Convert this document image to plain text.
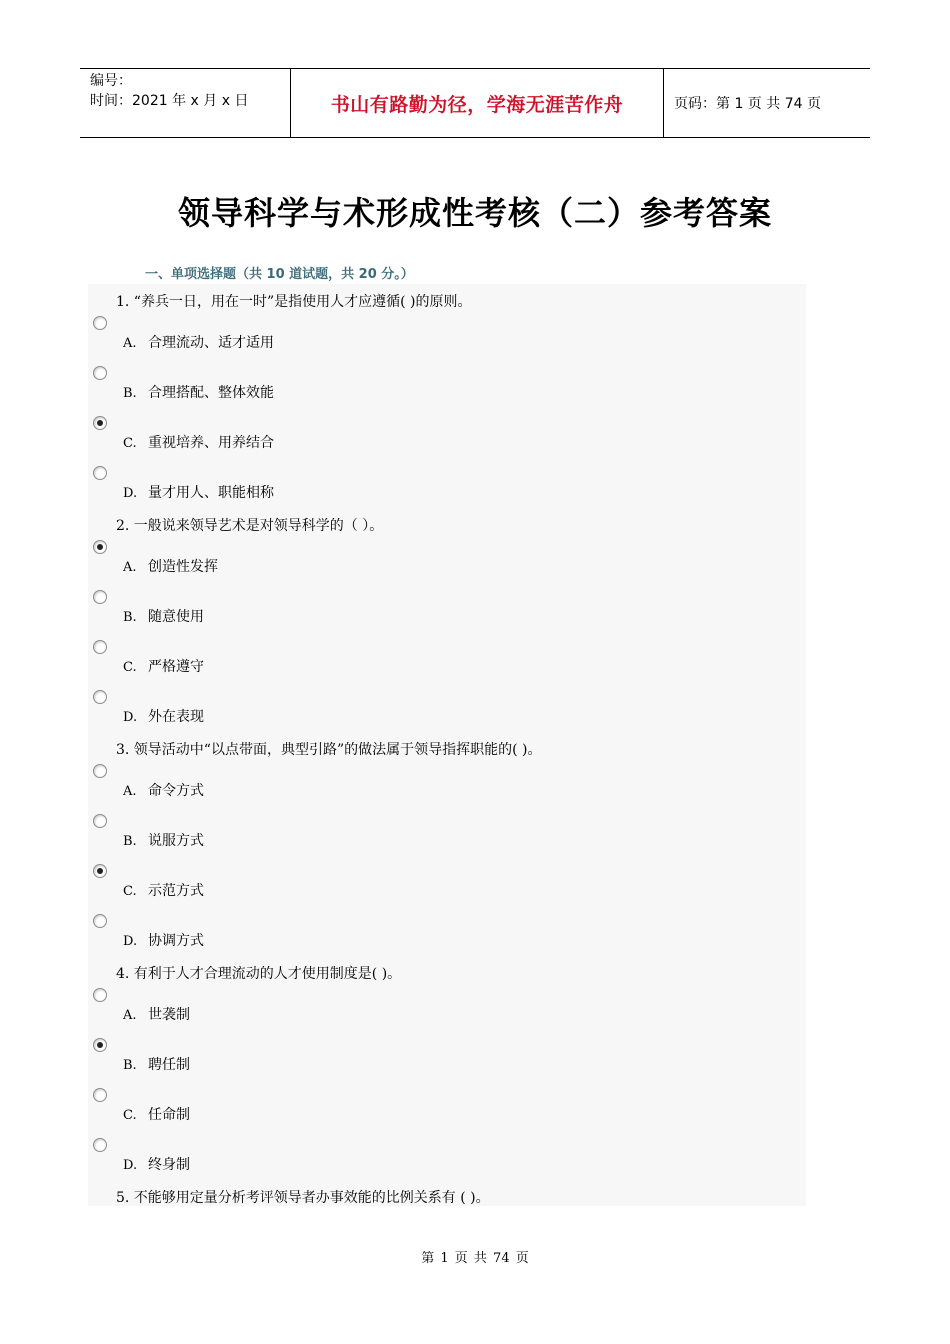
编号：
时间：2021 年 x 月 x 日	书山有路勤为径，学海无涯苦作舟	页码：第 1 页 共 74 页
领导科学与术形成性考核（二）参考答案
一、单项选择题（共 10 道试题，共 20 分。）
1. “养兵一日，用在一时”是指使用人才应遵循( )的原则。
A. 合理流动、适才适用
B. 合理搭配、整体效能
C. 重视培养、用养结合
D. 量才用人、职能相称
2. 一般说来领导艺术是对领导科学的（ ）。
A. 创造性发挥
B. 随意使用
C. 严格遵守
D. 外在表现
3. 领导活动中“以点带面，典型引路”的做法属于领导指挥职能的( )。
A. 命令方式
B. 说服方式
C. 示范方式
D. 协调方式
4. 有利于人才合理流动的人才使用制度是( )。
A. 世袭制
B. 聘任制
C. 任命制
D. 终身制
5. 不能够用定量分析考评领导者办事效能的比例关系有 ( )。
第 1 页 共 74 页
